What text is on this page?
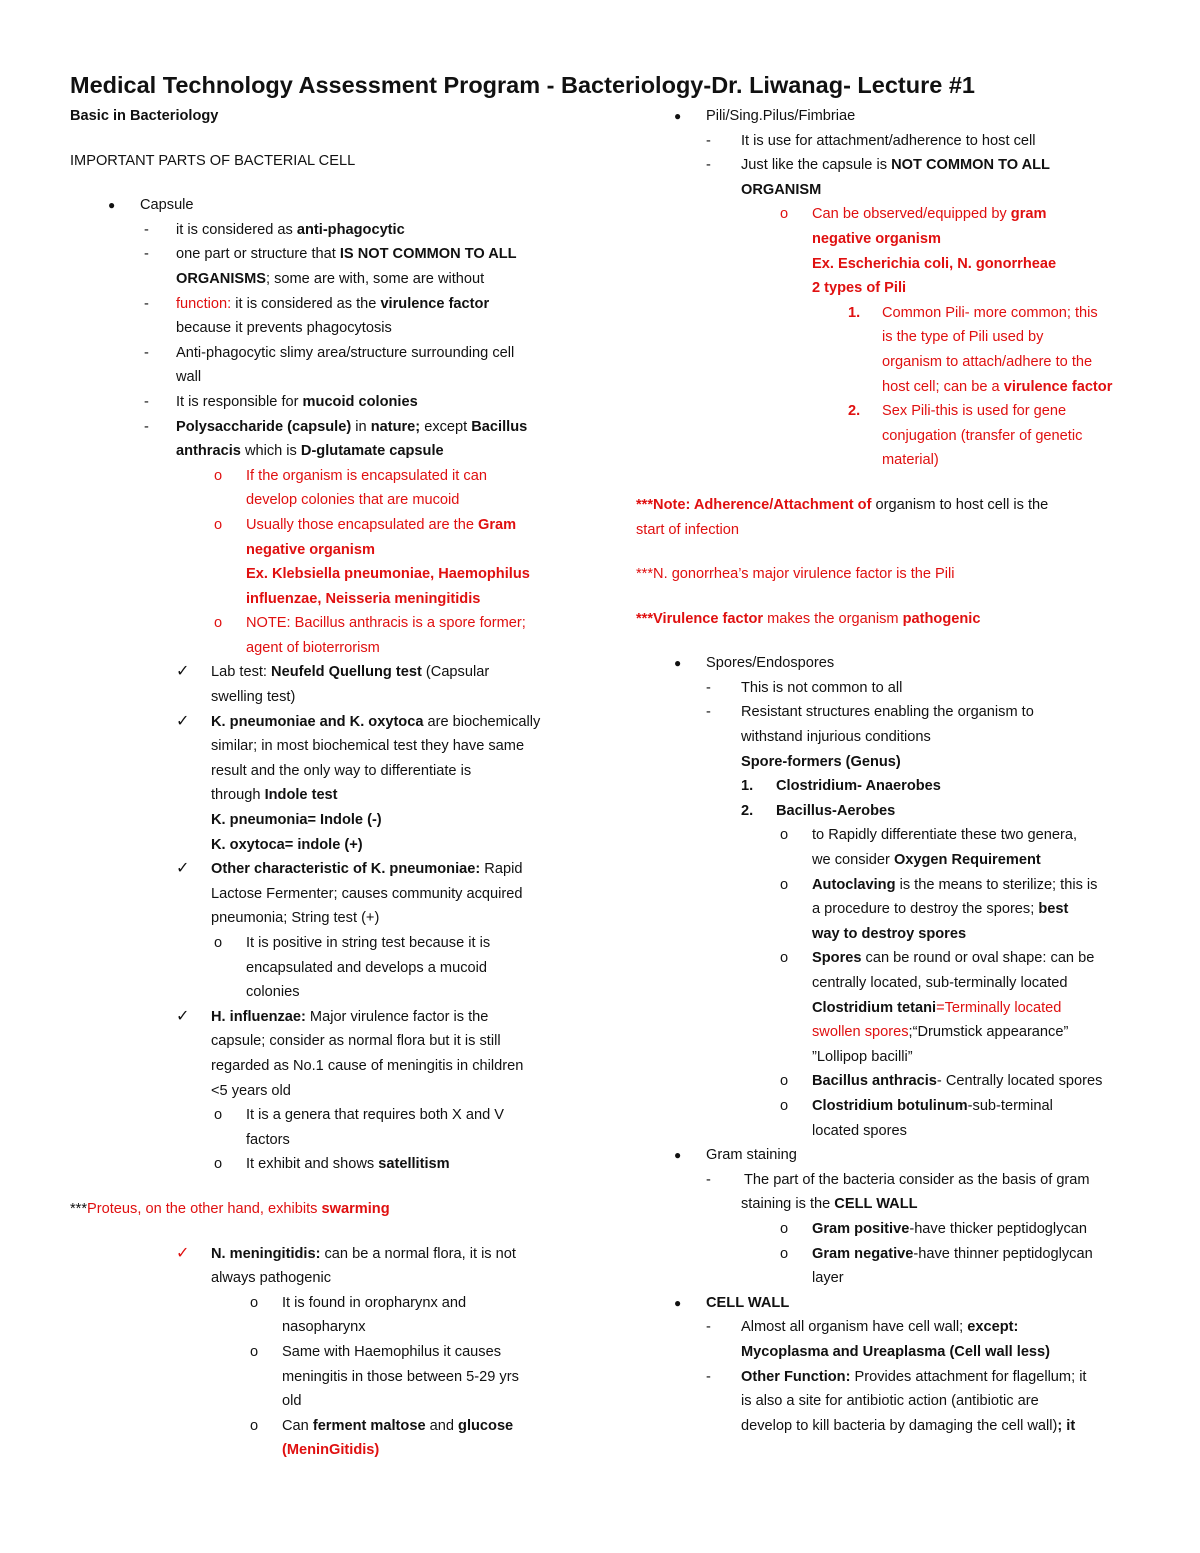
Medical Technology Assessment Program - Bacteriology-Dr. Liwanag- Lecture #1
Basic in Bacteriology
IMPORTANT PARTS OF BACTERIAL CELL
● Capsule
- it is considered as anti-phagocytic
- one part or structure that IS NOT COMMON TO ALL
ORGANISMS; some are with, some are without
- function: it is considered as the virulence factor
because it prevents phagocytosis
- Anti-phagocytic slimy area/structure surrounding cell
wall
- It is responsible for mucoid colonies
- Polysaccharide (capsule) in nature; except Bacillus
anthracis which is D-glutamate capsule
o If the organism is encapsulated it can
develop colonies that are mucoid
o Usually those encapsulated are the Gram
negative organism
Ex. Klebsiella pneumoniae, Haemophilus
influenzae, Neisseria meningitidis
o NOTE: Bacillus anthracis is a spore former;
agent of bioterrorism
✓ Lab test: Neufeld Quellung test (Capsular
swelling test)
✓ K. pneumoniae and K. oxytoca are biochemically
similar; in most biochemical test they have same
result and the only way to differentiate is
through Indole test
K. pneumonia= Indole (-)
K. oxytoca= indole (+)
✓ Other characteristic of K. pneumoniae: Rapid
Lactose Fermenter; causes community acquired
pneumonia; String test (+)
o It is positive in string test because it is
encapsulated and develops a mucoid
colonies
✓ H. influenzae: Major virulence factor is the
capsule; consider as normal flora but it is still
regarded as No.1 cause of meningitis in children
<5 years old
o It is a genera that requires both X and V
factors
o It exhibit and shows satellitism
***Proteus, on the other hand, exhibits swarming
✓ N. meningitidis: can be a normal flora, it is not
always pathogenic
o It is found in oropharynx and
nasopharynx
o Same with Haemophilus it causes
meningitis in those between 5-29 yrs
old
o Can ferment maltose and glucose
(MeninGitidis)
● Pili/Sing.Pilus/Fimbriae
- It is use for attachment/adherence to host cell
- Just like the capsule is NOT COMMON TO ALL
ORGANISM
o Can be observed/equipped by gram
negative organism
Ex. Escherichia coli, N. gonorrheae
2 types of Pili
1. Common Pili- more common; this
is the type of Pili used by
organism to attach/adhere to the
host cell; can be a virulence factor
2. Sex Pili-this is used for gene
conjugation (transfer of genetic
material)
***Note: Adherence/Attachment of organism to host cell is the
start of infection
***N. gonorrhea’s major virulence factor is the Pili
***Virulence factor makes the organism pathogenic
● Spores/Endospores
- This is not common to all
- Resistant structures enabling the organism to
withstand injurious conditions
Spore-formers (Genus)
1. Clostridium- Anaerobes
2. Bacillus-Aerobes
o to Rapidly differentiate these two genera,
we consider Oxygen Requirement
o Autoclaving is the means to sterilize; this is
a procedure to destroy the spores; best
way to destroy spores
o Spores can be round or oval shape: can be
centrally located, sub-terminally located
Clostridium tetani=Terminally located
swollen spores;“Drumstick appearance”
”Lollipop bacilli”
o Bacillus anthracis- Centrally located spores
o Clostridium botulinum-sub-terminal
located spores
● Gram staining
- The part of the bacteria consider as the basis of gram
staining is the CELL WALL
o Gram positive-have thicker peptidoglycan
o Gram negative-have thinner peptidoglycan
layer
● CELL WALL
- Almost all organism have cell wall; except:
Mycoplasma and Ureaplasma (Cell wall less)
- Other Function: Provides attachment for flagellum; it
is also a site for antibiotic action (antibiotic are
develop to kill bacteria by damaging the cell wall); it
